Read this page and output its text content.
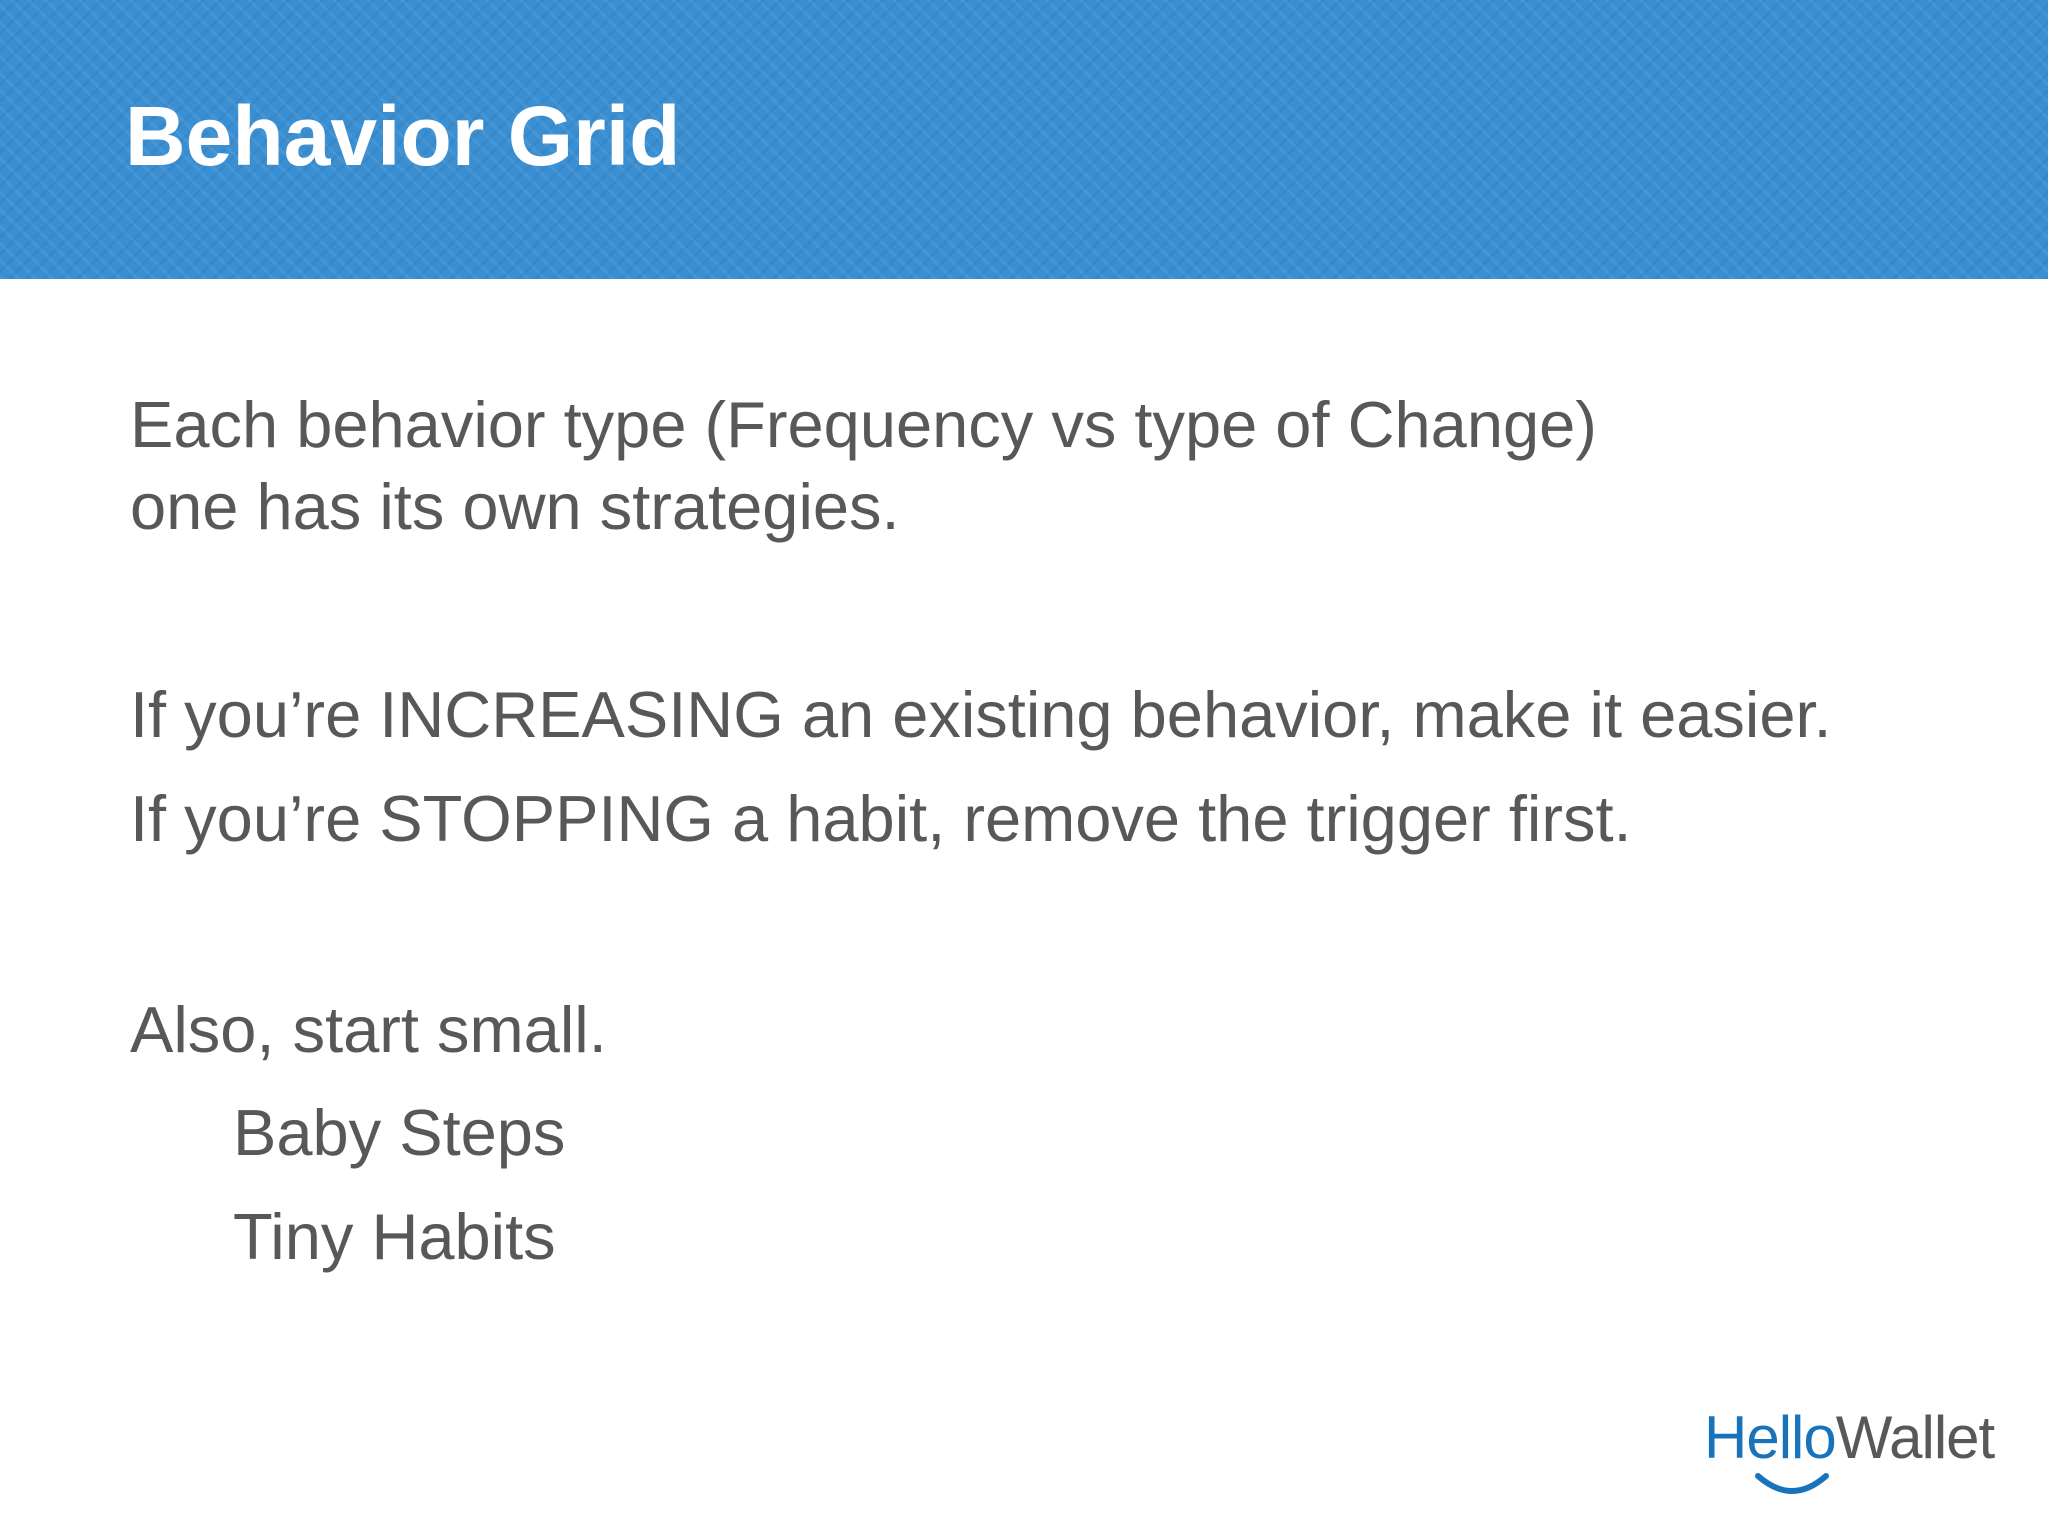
Behavior Grid

Each behavior type (Frequency vs type of Change)

one has its own strategies.

If you’re INCREASING an existing behavior, make it easier.

If you’re STOPPING a habit, remove the trigger first.

Also, start small.

Baby Steps

Tiny Habits

HelloWallet
